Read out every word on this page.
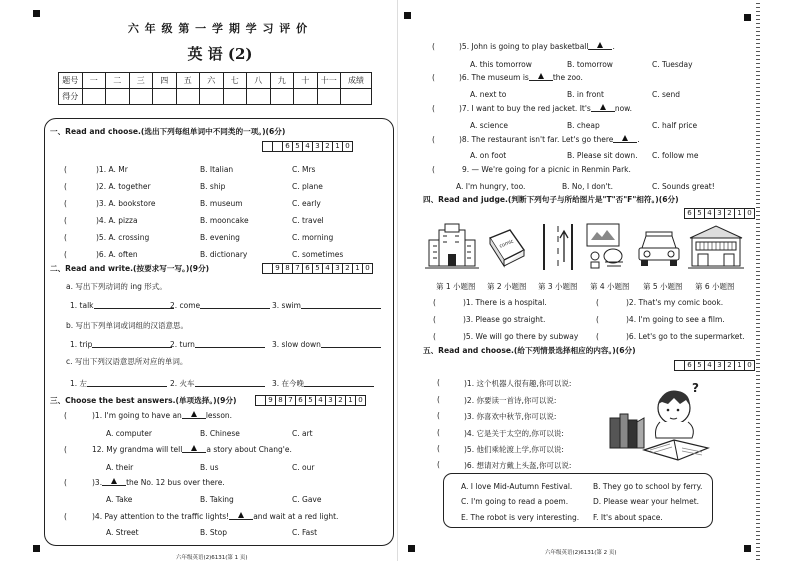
六 年 级 第 一 学 期 学 习 评 价
英 语 (2)
题号	一	二	三	四	五	六	七	八	九	十	十一	成绩
得分												
一、Read and choose.(选出下列每组单词中不同类的一项。)(6分)
6 5 4 3 2 1 0
(	)1. A. Mr	B. Italian	C. Mrs
(	)2. A. together	B. ship	C. plane
(	)3. A. bookstore	B. museum	C. early
(	)4. A. pizza	B. mooncake	C. travel
(	)5. A. crossing	B. evening	C. morning
(	)6. A. often	B. dictionary	C. sometimes
二、Read and write.(按要求写一写。)(9分)	9 8 7 6 5 4 3 2 1 0
a. 写出下列动词的 ing 形式。
1. talk	2. come	3. swim
b. 写出下列单词或词组的汉语意思。
1. trip	2. turn	3. slow down
c. 写出下列汉语意思所对应的单词。
1. 左	2. 火车	3. 在今晚
三、Choose the best answers.(单项选择。)(9分)	9 8 7 6 5 4 3 2 1 0
(	)1. I'm going to have an	lesson.
A. computer	B. Chinese	C. art
(	12. My grandma will tell	a story about Chang'e.
A. their	B. us	C. our
(	)3.	the No. 12 bus over there.
A. Take	B. Taking	C. Gave
(	)4. Pay attention to the traffic lights!	and wait at a red light.
A. Street	B. Stop	C. Fast
(	)5. John is going to play basketball	.
A. this tomorrow	B. tomorrow	C. Tuesday
(	)6. The museum is	the zoo.
A. next to	B. in front	C. send
(	)7. I want to buy the red jacket. It's	now.
A. science	B. cheap	C. half price
(	)8. The restaurant isn't far. Let's go there	.
A. on foot	B. Please sit down. C. follow me
(	9. — We're going for a picnic in Renmin Park.
A. I'm hungry, too.	B. No, I don't.	C. Sounds great!
四、Read and judge.(判断下列句子与所给图片是"T"否"F"相符。)(6分)
6 5 4 3 2 1 0
comic
第 1 小题图 第 2 小题图 第 3 小题图 第 4 小题图 第 5 小题图 第 6 小题图
(	)1. There is a hospital.	(	)2. That's my comic book.
(	)3. Please go straight.	(	)4. I'm going to see a film.
(	)5. We will go there by subway (	)6. Let's go to the supermarket.
五、Read and choose.(给下列情景选择相应的内容。)(6分)
6 5 4 3 2 1 0
(	)1. 这个机器人很有趣,你可以说:
(	)2. 你要读一首诗,你可以说:
(	)3. 你喜欢中秋节,你可以说:
(	)4. 它是关于太空的,你可以说:
(	)5. 他们乘轮渡上学,你可以说:
(	)6. 想请对方戴上头盔,你可以说:
?
A. I love Mid-Autumn Festival.	B. They go to school by ferry.
C. I'm going to read a poem.	D. Please wear your helmet.
E. The robot is very interesting. F. It's about space.
六年级英语(2)6131(第 1 页)
六年级英语(2)6131(第 2 页)
